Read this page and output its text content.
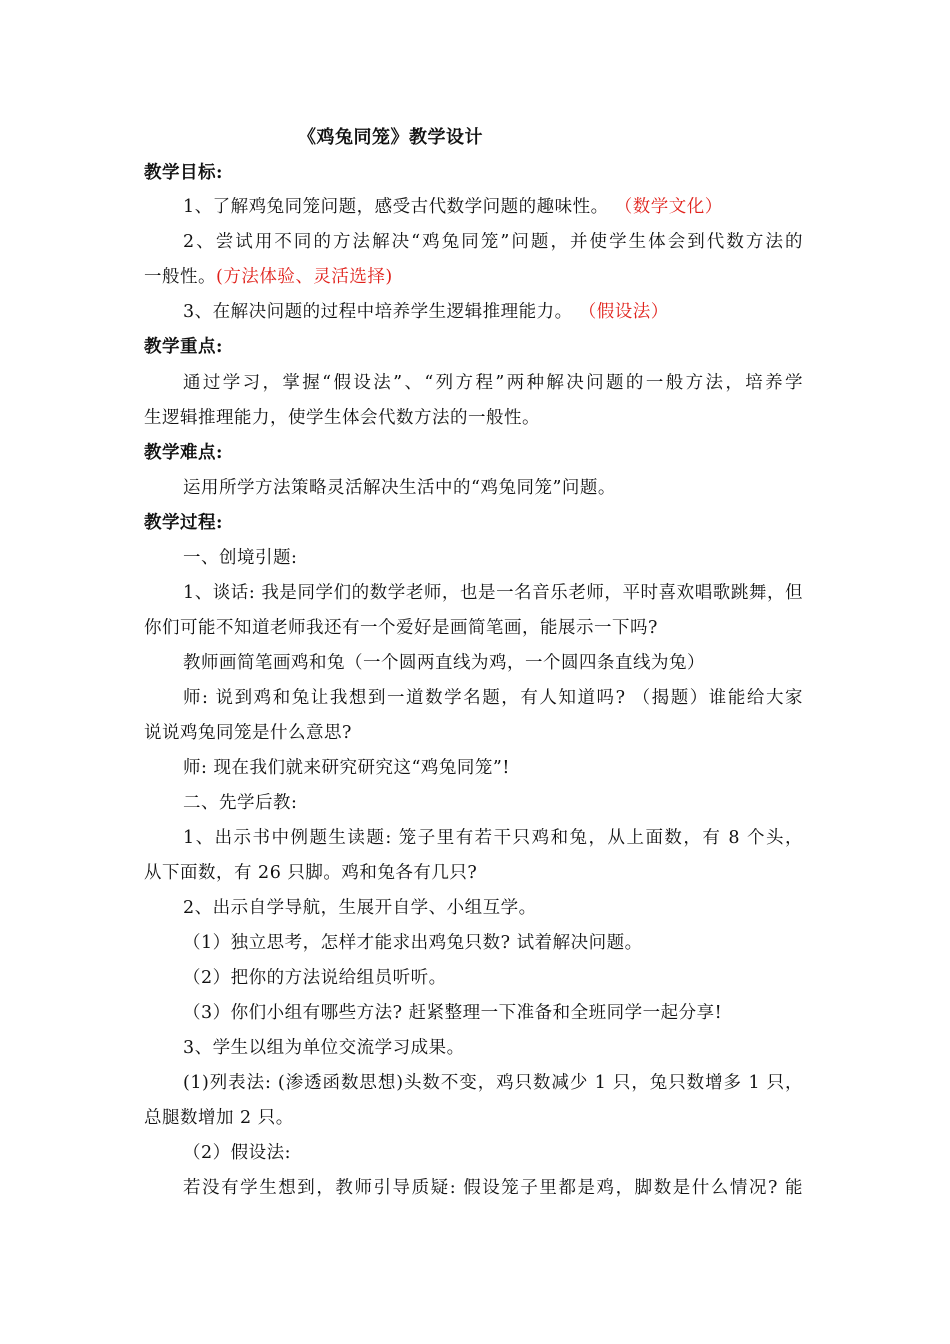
《鸡兔同笼》教学设计
教学目标:
1、了解鸡兔同笼问题，感受古代数学问题的趣味性。 （数学文化）
2、尝试用不同的方法解决“鸡兔同笼”问题，并使学生体会到代数方法的
一般性。(方法体验、灵活选择)
3、在解决问题的过程中培养学生逻辑推理能力。 （假设法）
教学重点:
通过学习，掌握“假设法”、“列方程”两种解决问题的一般方法，培养学
生逻辑推理能力，使学生体会代数方法的一般性。
教学难点:
运用所学方法策略灵活解决生活中的“鸡兔同笼”问题。
教学过程:
一、创境引题:
1、谈话: 我是同学们的数学老师，也是一名音乐老师，平时喜欢唱歌跳舞，但
你们可能不知道老师我还有一个爱好是画简笔画，能展示一下吗?
教师画简笔画鸡和兔（一个圆两直线为鸡，一个圆四条直线为兔）
师: 说到鸡和兔让我想到一道数学名题，有人知道吗? （揭题）谁能给大家
说说鸡兔同笼是什么意思?
师: 现在我们就来研究研究这“鸡兔同笼”!
二、先学后教:
1、出示书中例题生读题: 笼子里有若干只鸡和兔，从上面数，有 8 个头，
从下面数，有 26 只脚。鸡和兔各有几只?
2、出示自学导航，生展开自学、小组互学。
（1）独立思考，怎样才能求出鸡兔只数? 试着解决问题。
（2）把你的方法说给组员听听。
（3）你们小组有哪些方法? 赶紧整理一下准备和全班同学一起分享!
3、学生以组为单位交流学习成果。
(1)列表法: (渗透函数思想)头数不变，鸡只数减少 1 只，兔只数增多 1 只，
总腿数增加 2 只。
（2）假设法:
若没有学生想到，教师引导质疑: 假设笼子里都是鸡，脚数是什么情况? 能
